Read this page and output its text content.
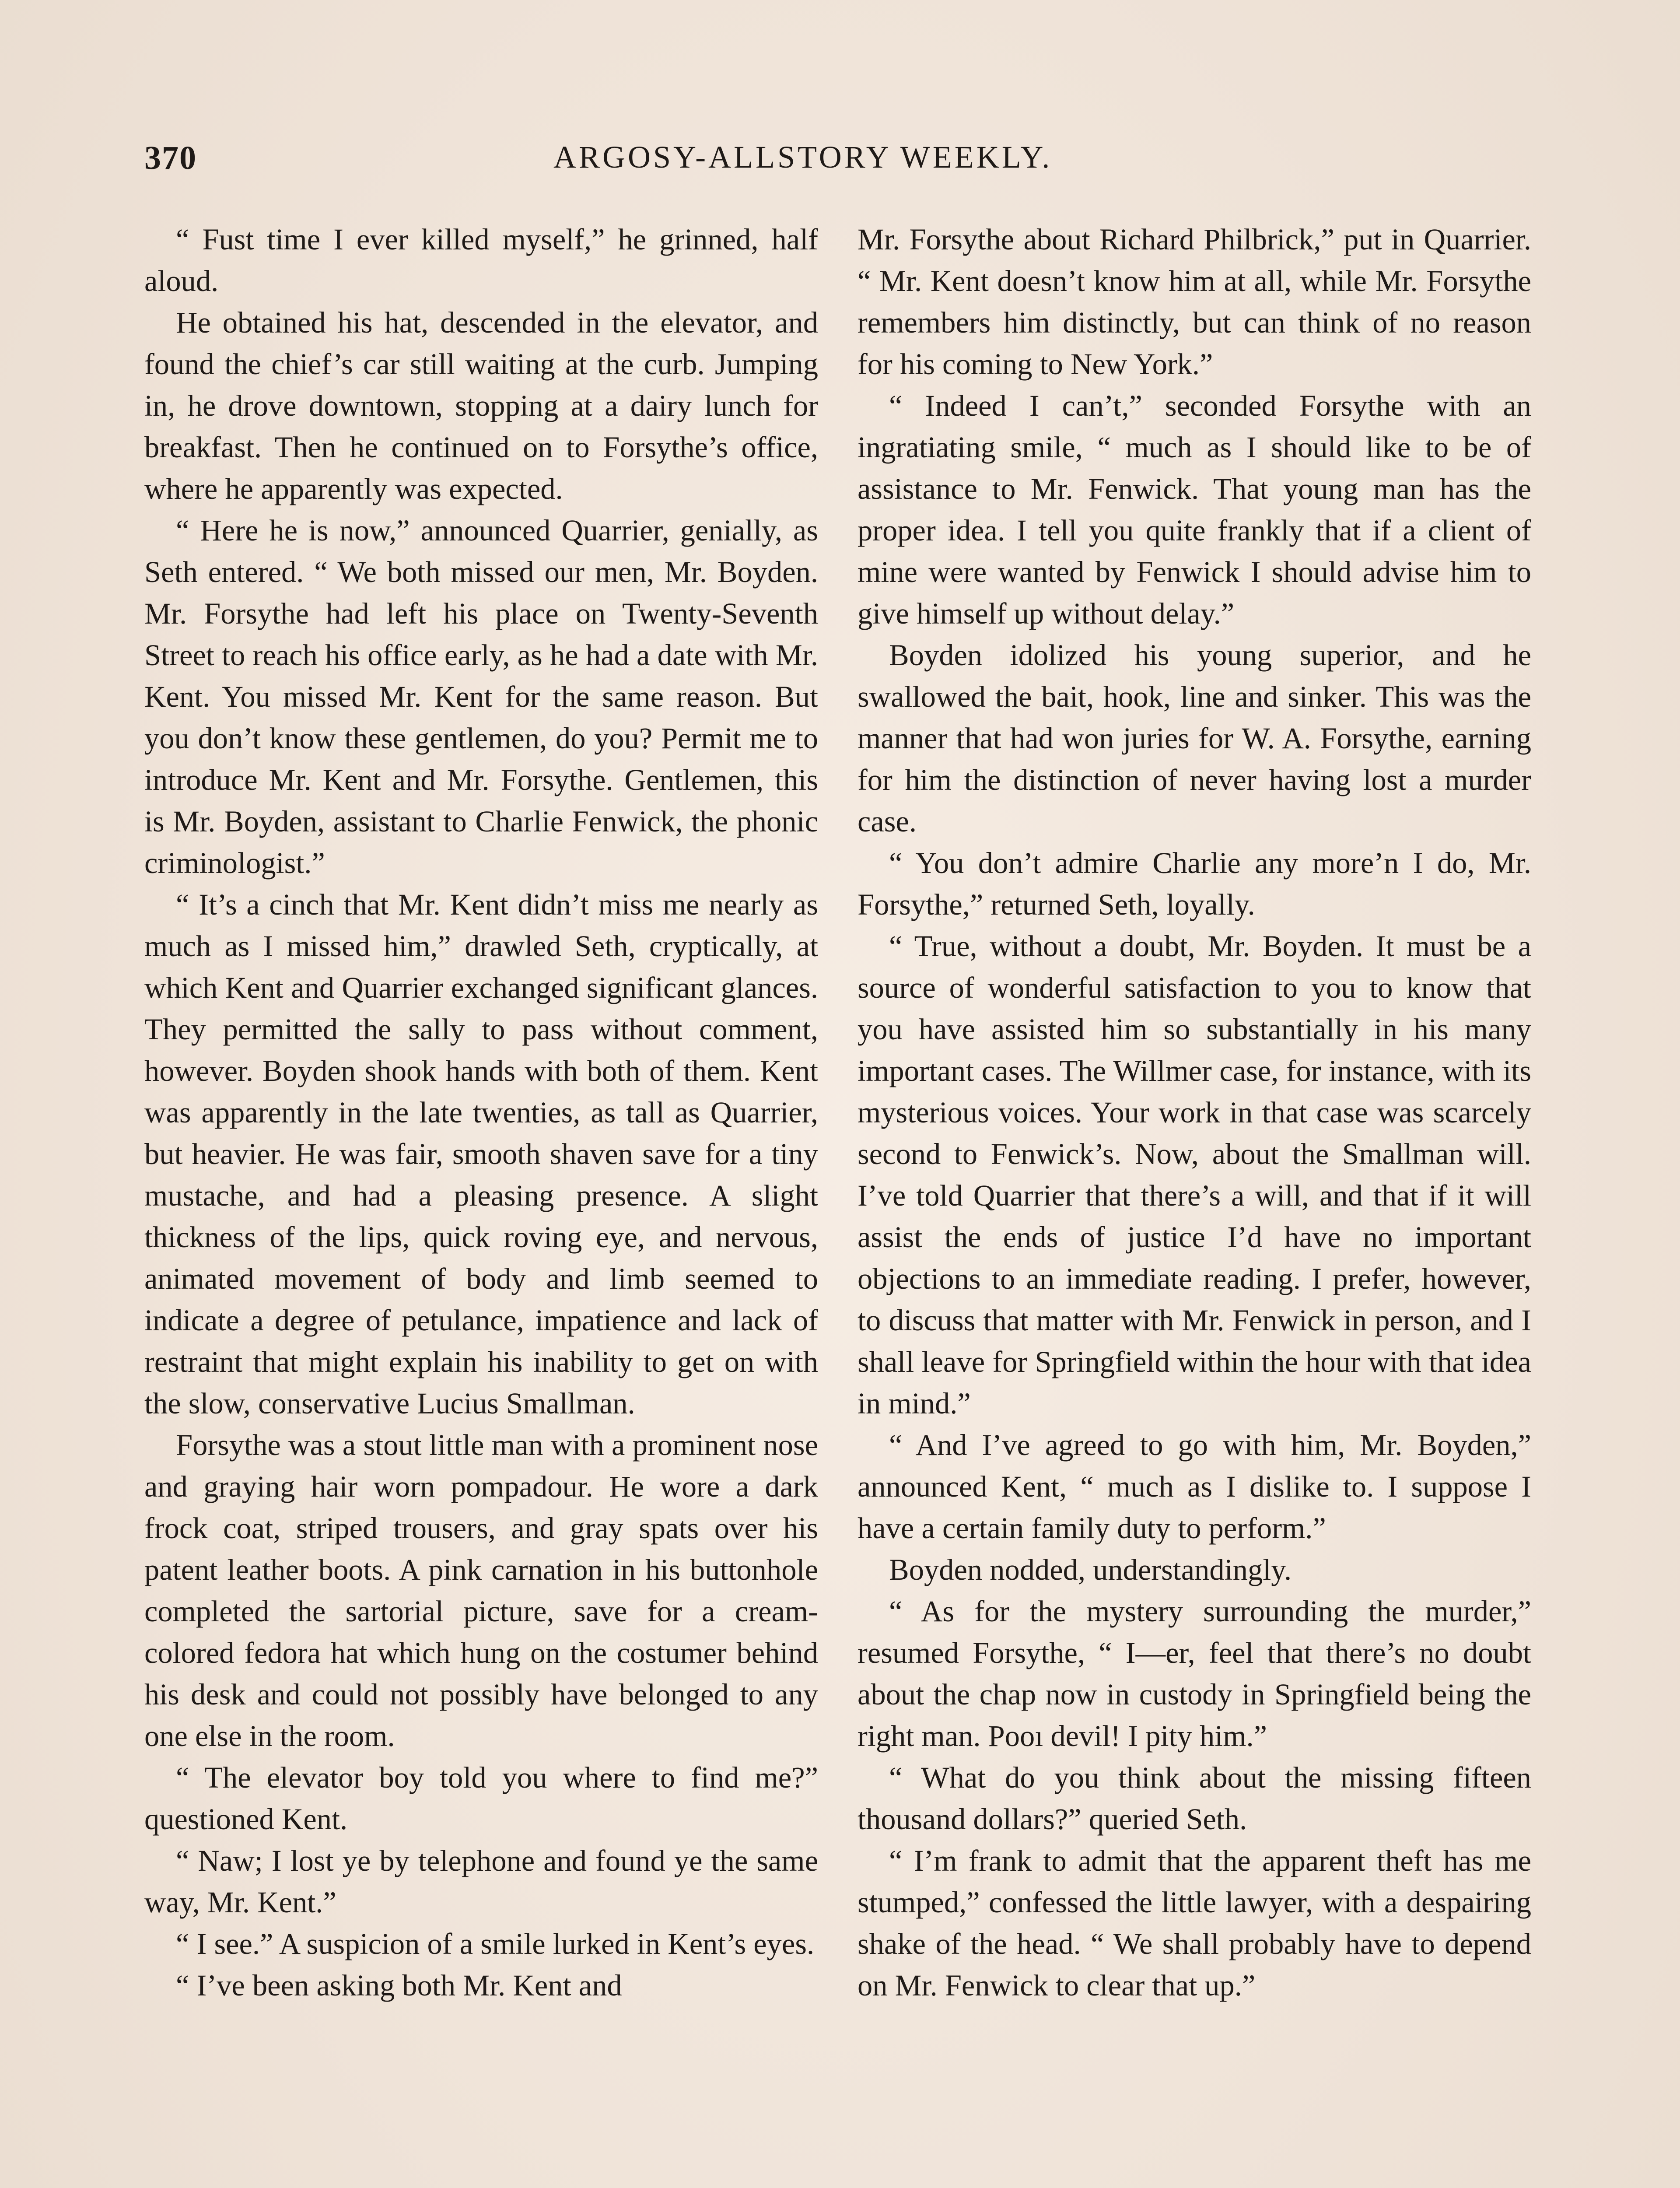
370	ARGOSY-ALLSTORY WEEKLY.

“ Fust time I ever killed myself,” he grinned, half aloud.

He obtained his hat, descended in the elevator, and found the chief’s car still waiting at the curb. Jumping in, he drove downtown, stopping at a dairy lunch for breakfast. Then he continued on to Forsythe’s office, where he apparently was expected.

“ Here he is now,” announced Quarrier, genially, as Seth entered. “ We both missed our men, Mr. Boyden. Mr. Forsythe had left his place on Twenty-Seventh Street to reach his office early, as he had a date with Mr. Kent. You missed Mr. Kent for the same reason. But you don’t know these gentlemen, do you? Permit me to introduce Mr. Kent and Mr. Forsythe. Gentlemen, this is Mr. Boyden, assistant to Charlie Fenwick, the phonic criminologist.”

“ It’s a cinch that Mr. Kent didn’t miss me nearly as much as I missed him,” drawled Seth, cryptically, at which Kent and Quarrier exchanged significant glances. They permitted the sally to pass without comment, however. Boyden shook hands with both of them. Kent was apparently in the late twenties, as tall as Quarrier, but heavier. He was fair, smooth shaven save for a tiny mustache, and had a pleasing presence. A slight thickness of the lips, quick roving eye, and nervous, animated movement of body and limb seemed to indicate a degree of petulance, impatience and lack of restraint that might explain his inability to get on with the slow, conservative Lucius Smallman.

Forsythe was a stout little man with a prominent nose and graying hair worn pompadour. He wore a dark frock coat, striped trousers, and gray spats over his patent leather boots. A pink carnation in his buttonhole completed the sartorial picture, save for a cream-colored fedora hat which hung on the costumer behind his desk and could not possibly have belonged to any one else in the room.

“ The elevator boy told you where to find me?” questioned Kent.

“ Naw; I lost ye by telephone and found ye the same way, Mr. Kent.”

“ I see.” A suspicion of a smile lurked in Kent’s eyes.

“ I’ve been asking both Mr. Kent and

Mr. Forsythe about Richard Philbrick,” put in Quarrier. “ Mr. Kent doesn’t know him at all, while Mr. Forsythe remembers him distinctly, but can think of no reason for his coming to New York.”

“ Indeed I can’t,” seconded Forsythe with an ingratiating smile, “ much as I should like to be of assistance to Mr. Fenwick. That young man has the proper idea. I tell you quite frankly that if a client of mine were wanted by Fenwick I should advise him to give himself up without delay.”

Boyden idolized his young superior, and he swallowed the bait, hook, line and sinker. This was the manner that had won juries for W. A. Forsythe, earning for him the distinction of never having lost a murder case.

“ You don’t admire Charlie any more’n I do, Mr. Forsythe,” returned Seth, loyally.

“ True, without a doubt, Mr. Boyden. It must be a source of wonderful satisfaction to you to know that you have assisted him so substantially in his many important cases. The Willmer case, for instance, with its mysterious voices. Your work in that case was scarcely second to Fenwick’s. Now, about the Smallman will. I’ve told Quarrier that there’s a will, and that if it will assist the ends of justice I’d have no important objections to an immediate reading. I prefer, however, to discuss that matter with Mr. Fenwick in person, and I shall leave for Springfield within the hour with that idea in mind.”

“ And I’ve agreed to go with him, Mr. Boyden,” announced Kent, “ much as I dislike to. I suppose I have a certain family duty to perform.”

Boyden nodded, understandingly.

“ As for the mystery surrounding the murder,” resumed Forsythe, “ I—er, feel that there’s no doubt about the chap now in custody in Springfield being the right man. Pooı devil! I pity him.”

“ What do you think about the missing fifteen thousand dollars?” queried Seth.

“ I’m frank to admit that the apparent theft has me stumped,” confessed the little lawyer, with a despairing shake of the head. “ We shall probably have to depend on Mr. Fenwick to clear that up.”
